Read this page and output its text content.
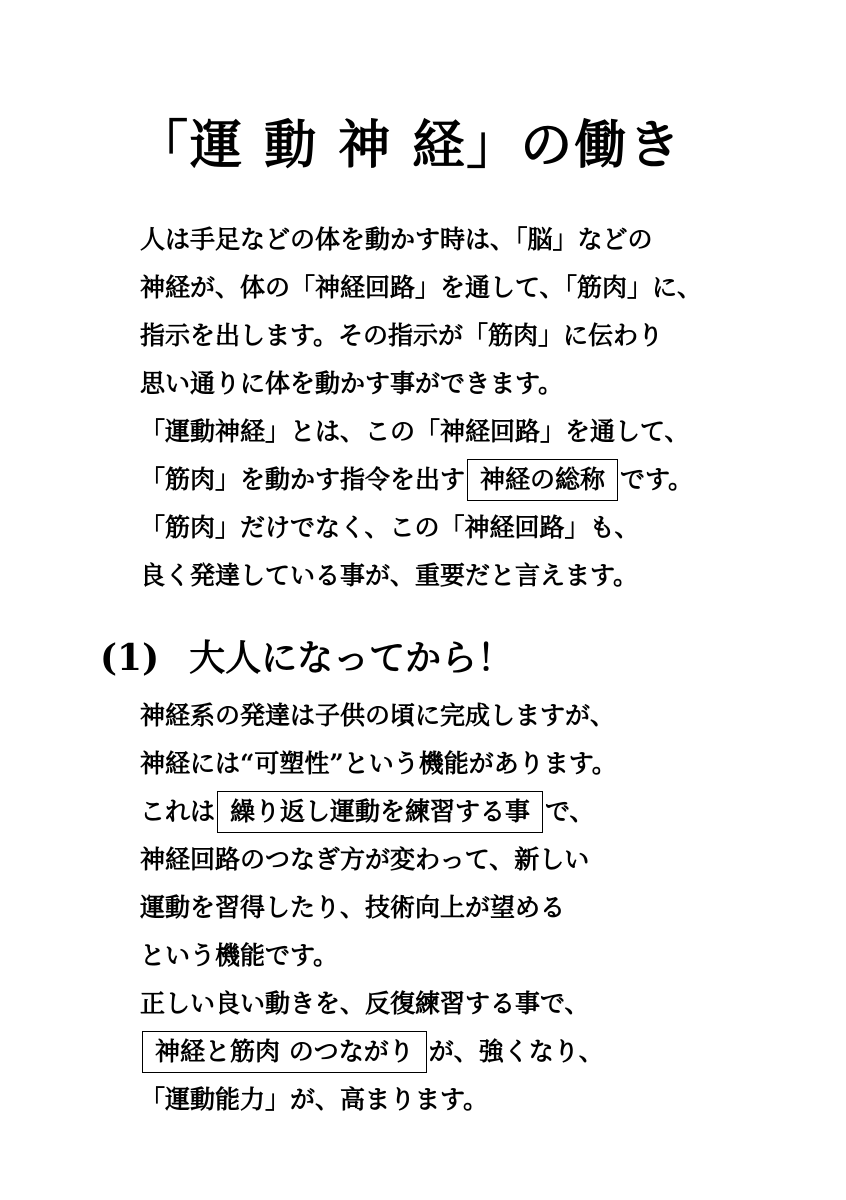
「運 動 神 経」の働き
人は手足などの体を動かす時は、「脳」などの
神経が、体の「神経回路」を通して、「筋肉」に、
指示を出します。その指示が「筋肉」に伝わり
思い通りに体を動かす事ができます。
「運動神経」とは、この「神経回路」を通して、
「筋肉」を動かす指令を出す 神経の総称 です。
「筋肉」だけでなく、この「神経回路」も、
良く発達している事が、重要だと言えます。
(1) 大人になってから！
神経系の発達は子供の頃に完成しますが、
神経には“可塑性”という機能があります。
これは 繰り返し運動を練習する事 で、
神経回路のつなぎ方が変わって、新しい
運動を習得したり、技術向上が望める
という機能です。
正しい良い動きを、反復練習する事で、
神経と筋肉 のつながり が、強くなり、
「運動能力」が、高まります。
